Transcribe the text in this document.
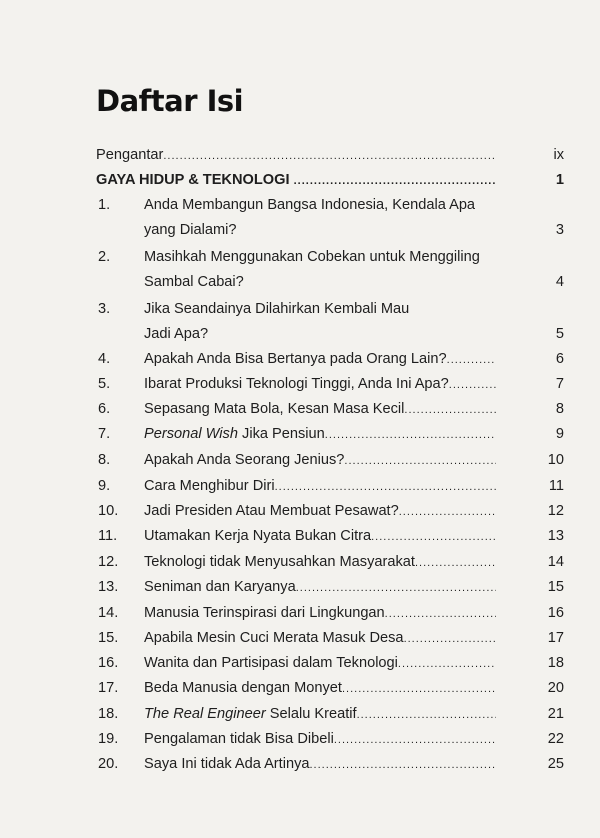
Daftar Isi
Pengantar .....	ix
GAYA HIDUP & TEKNOLOGI .....	1
1. Anda Membangun Bangsa Indonesia, Kendala Apa
yang Dialami?	3
2. Masihkah Menggunakan Cobekan untuk Menggiling
Sambal Cabai?	4
3. Jika Seandainya Dilahirkan Kembali Mau
Jadi Apa?	5
4. Apakah Anda Bisa Bertanya pada Orang Lain? .....	6
5. Ibarat Produksi Teknologi Tinggi, Anda Ini Apa? .....	7
6. Sepasang Mata Bola, Kesan Masa Kecil .....	8
7. Personal Wish Jika Pensiun .....	9
8. Apakah Anda Seorang Jenius? .....	10
9. Cara Menghibur Diri .....	11
10. Jadi Presiden Atau Membuat Pesawat? .....	12
11. Utamakan Kerja Nyata Bukan Citra .....	13
12. Teknologi tidak Menyusahkan Masyarakat .....	14
13. Seniman dan Karyanya .....	15
14. Manusia Terinspirasi dari Lingkungan .....	16
15. Apabila Mesin Cuci Merata Masuk Desa .....	17
16. Wanita dan Partisipasi dalam Teknologi .....	18
17. Beda Manusia dengan Monyet .....	20
18. The Real Engineer Selalu Kreatif .....	21
19. Pengalaman tidak Bisa Dibeli .....	22
20. Saya Ini tidak Ada Artinya .....	25
